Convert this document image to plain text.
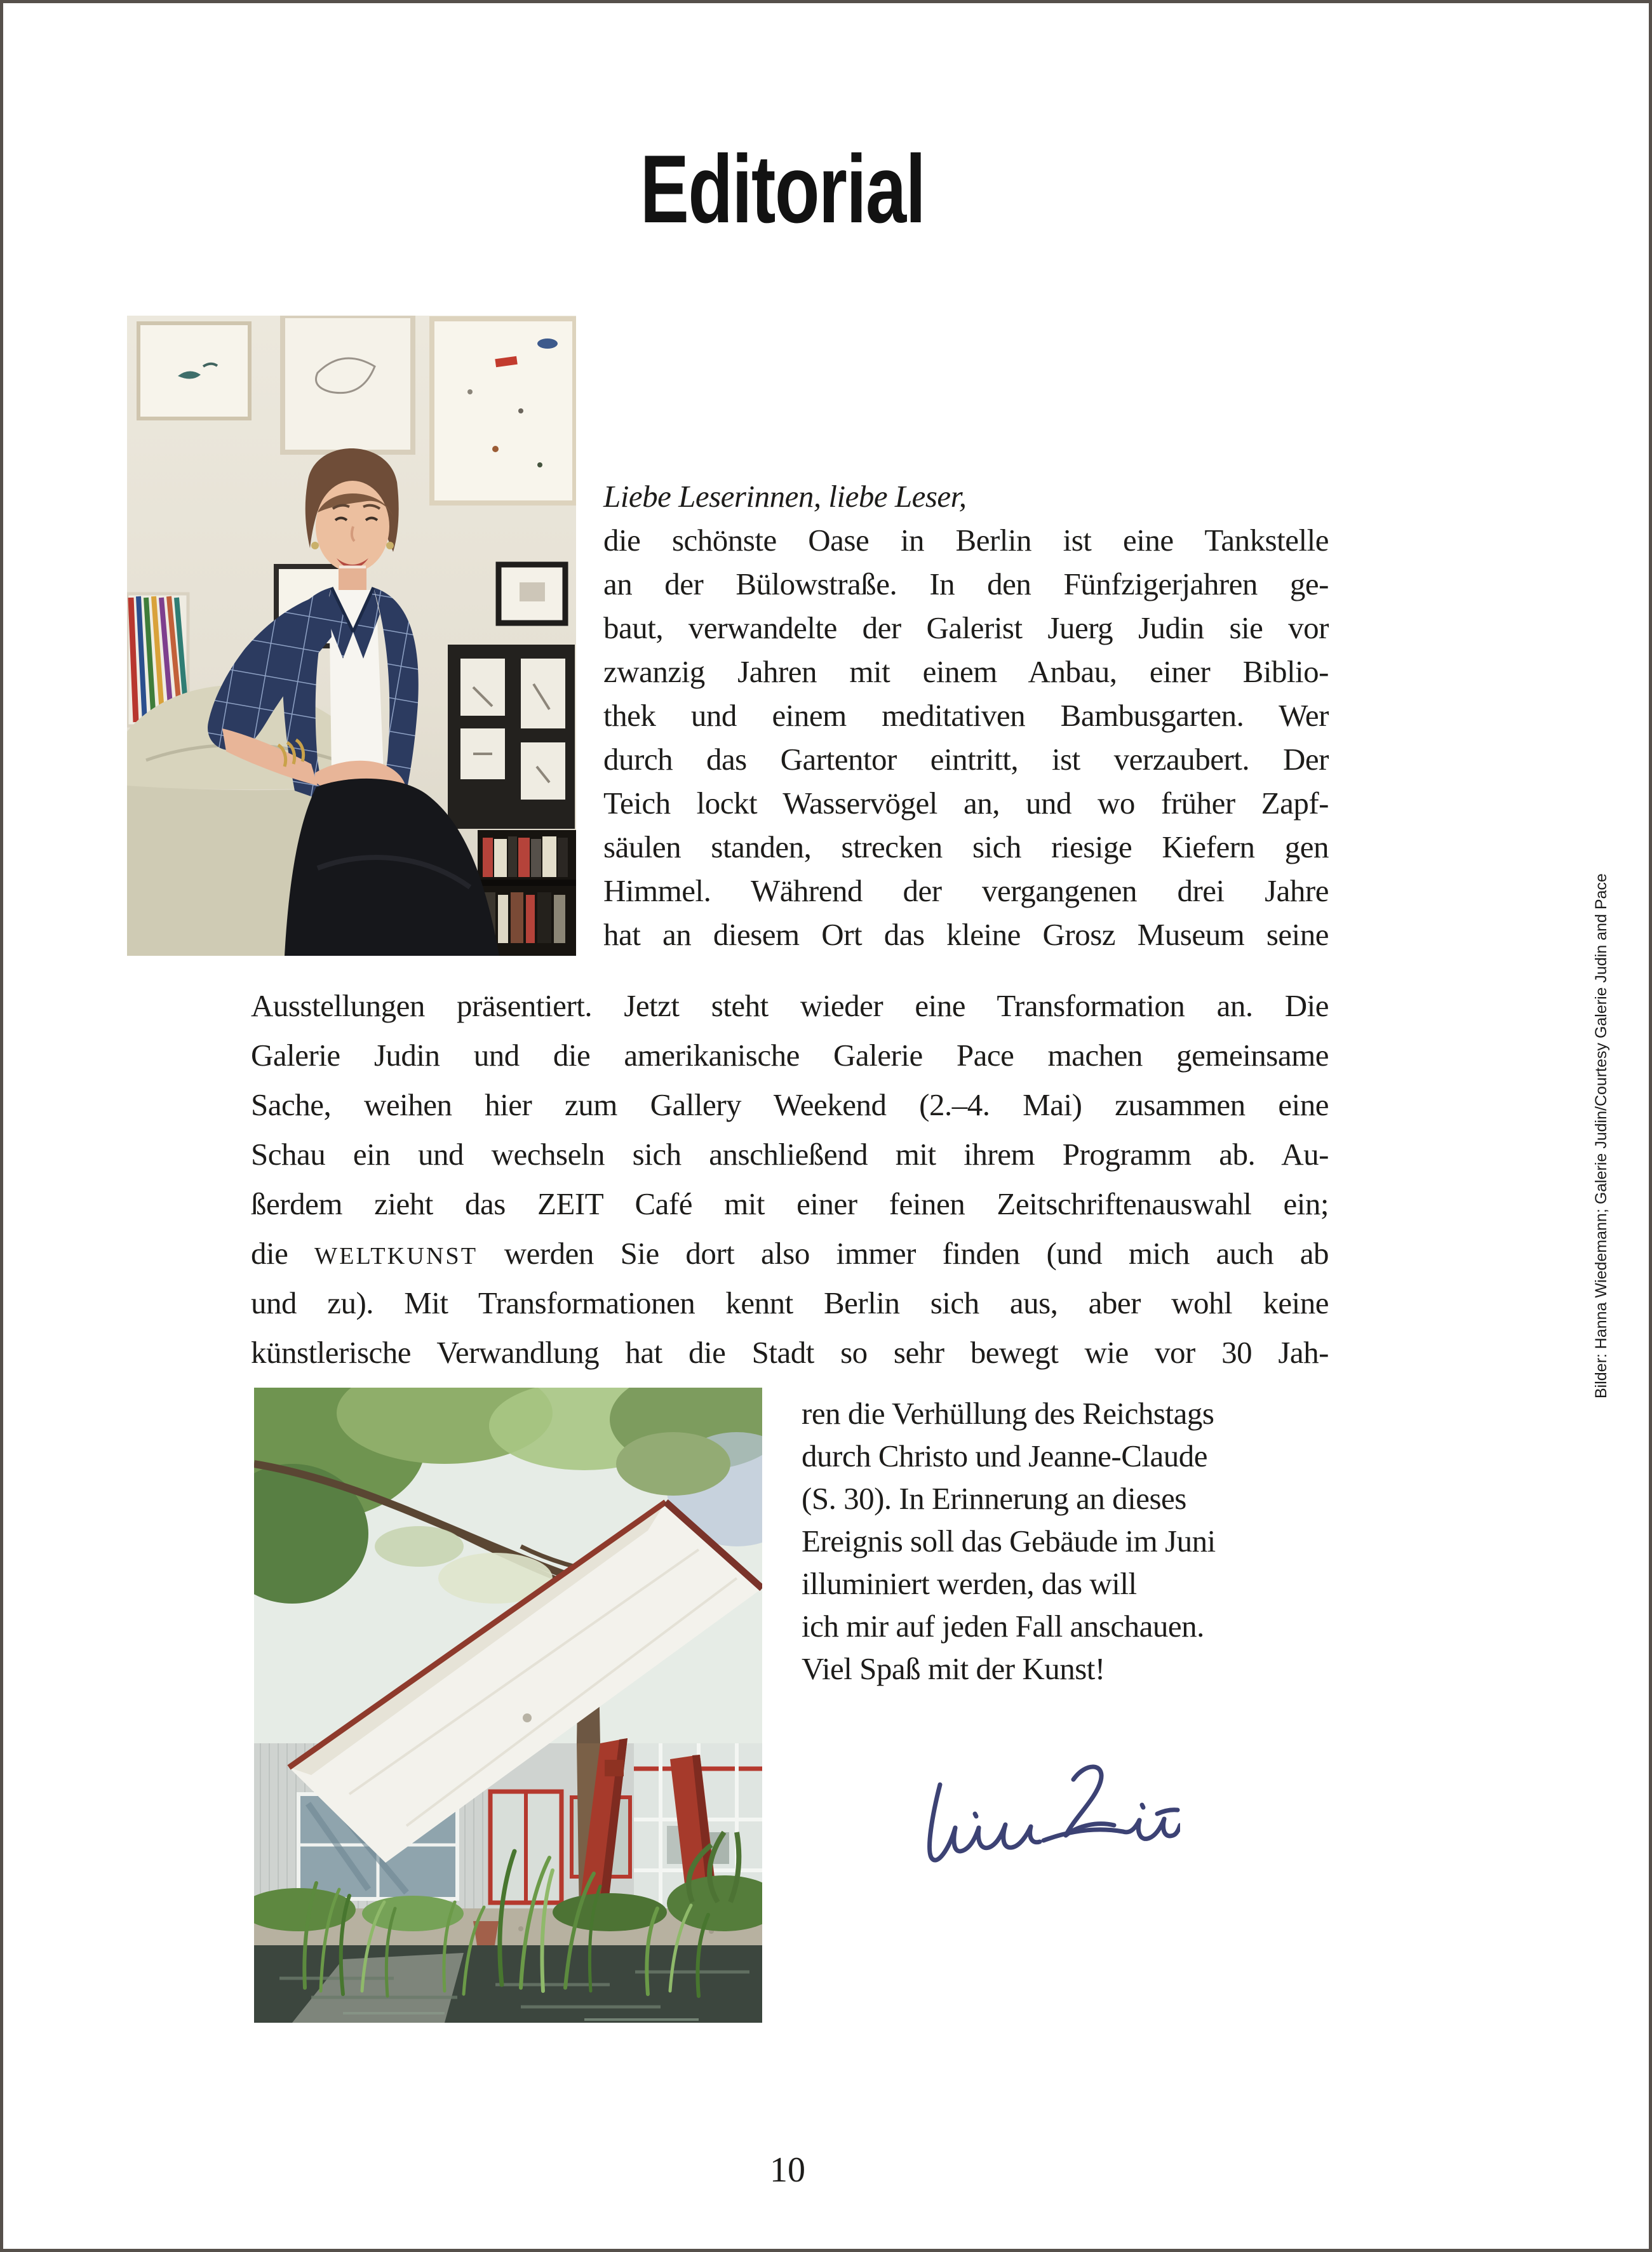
Editorial
Liebe Leserinnen, liebe Leser,
die schönste Oase in Berlin ist eine Tankstelle
an der Bülowstraße. In den Fünfzigerjahren ge-
baut, verwandelte der Galerist Juerg Judin sie vor
zwanzig Jahren mit einem Anbau, einer Biblio-
thek und einem meditativen Bambusgarten. Wer
durch das Gartentor eintritt, ist verzaubert. Der
Teich lockt Wasservögel an, und wo früher Zapf-
säulen standen, strecken sich riesige Kiefern gen
Himmel. Während der vergangenen drei Jahre
hat an diesem Ort das kleine Grosz Museum seine
Ausstellungen präsentiert. Jetzt steht wieder eine Transformation an. Die
Galerie Judin und die amerikanische Galerie Pace machen gemeinsame
Sache, weihen hier zum Gallery Weekend (2.–4. Mai) zusammen eine
Schau ein und wechseln sich anschließend mit ihrem Programm ab. Au-
ßerdem zieht das ZEIT Café mit einer feinen Zeitschriftenauswahl ein;
die WELTKUNST werden Sie dort also immer finden (und mich auch ab
und zu). Mit Transformationen kennt Berlin sich aus, aber wohl keine
künstlerische Verwandlung hat die Stadt so sehr bewegt wie vor 30 Jah-
ren die Verhüllung des Reichstags
durch Christo und Jeanne-Claude
(S. 30). In Erinnerung an dieses
Ereignis soll das Gebäude im Juni
illuminiert werden, das will
ich mir auf jeden Fall anschauen.
Viel Spaß mit der Kunst!
Bilder: Hanna Wiedemann; Galerie Judin/Courtesy Galerie Judin and Pace
10
